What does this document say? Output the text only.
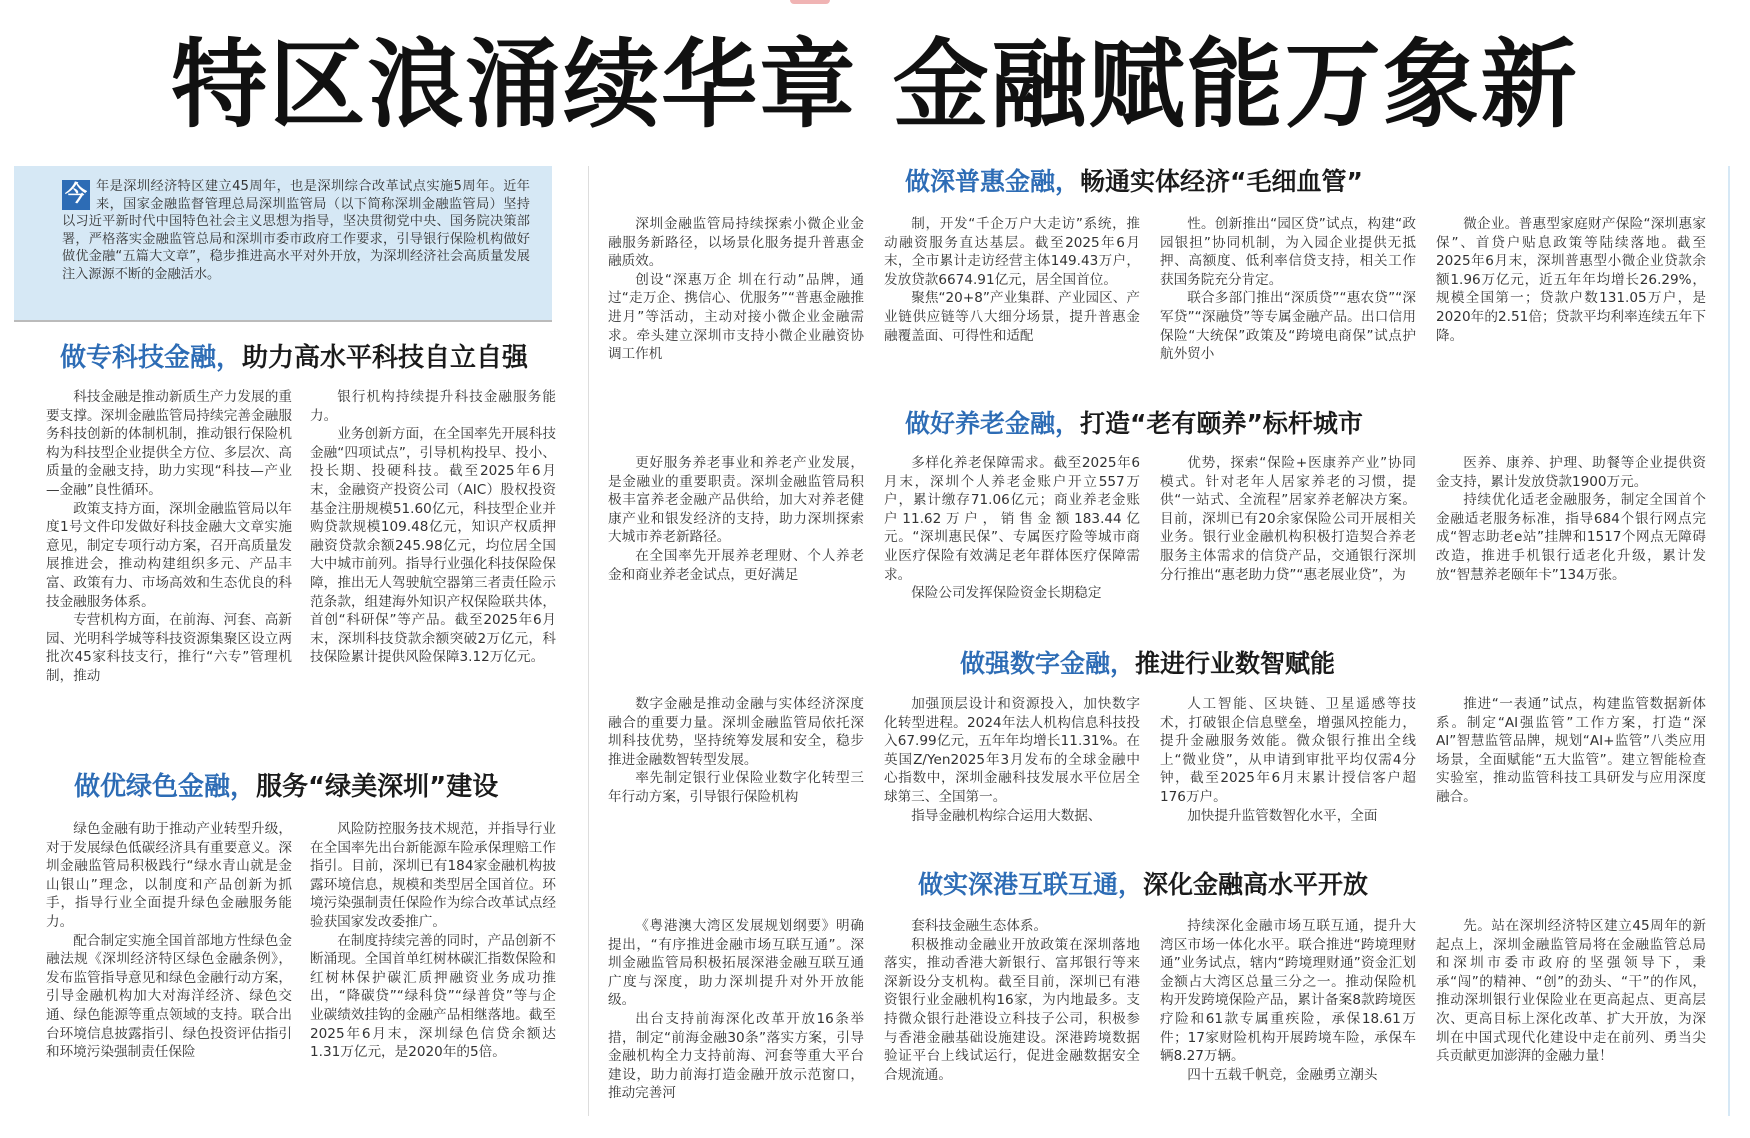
特区浪涌续华章 金融赋能万象新
今 年是深圳经济特区建立45周年，也是深圳综合改革试点实施5周年。近年来，国家金融监督管理总局深圳监管局（以下简称深圳金融监管局）坚持以习近平新时代中国特色社会主义思想为指导，坚决贯彻党中央、国务院决策部署，严格落实金融监管总局和深圳市委市政府工作要求，引导银行保险机构做好做优金融“五篇大文章”，稳步推进高水平对外开放，为深圳经济社会高质量发展注入源源不断的金融活水。
做专科技金融，助力高水平科技自立自强
做优绿色金融，服务“绿美深圳”建设
做深普惠金融，畅通实体经济“毛细血管”
做好养老金融，打造“老有颐养”标杆城市
做强数字金融，推进行业数智赋能
做实深港互联互通，深化金融高水平开放

科技金融是推动新质生产力发展的重要支撑。深圳金融监管局持续完善金融服务科技创新的体制机制，推动银行保险机构为科技型企业提供全方位、多层次、高质量的金融支持，助力实现“科技—产业—金融”良性循环。

政策支持方面，深圳金融监管局以年度1号文件印发做好科技金融大文章实施意见，制定专项行动方案，召开高质量发展推进会，推动构建组织多元、产品丰富、政策有力、市场高效和生态优良的科技金融服务体系。

专营机构方面，在前海、河套、高新园、光明科学城等科技资源集聚区设立两批次45家科技支行，推行“六专”管理机制，推动

银行机构持续提升科技金融服务能力。

业务创新方面，在全国率先开展科技金融“四项试点”，引导机构投早、投小、投长期、投硬科技。截至2025年6月末，金融资产投资公司（AIC）股权投资基金注册规模51.60亿元，科技型企业并购贷款规模109.48亿元，知识产权质押融资贷款余额245.98亿元，均位居全国大中城市前列。指导行业强化科技保险保障，推出无人驾驶航空器第三者责任险示范条款，组建海外知识产权保险联共体，首创“科研保”等产品。截至2025年6月末，深圳科技贷款余额突破2万亿元，科技保险累计提供风险保障3.12万亿元。

绿色金融有助于推动产业转型升级，对于发展绿色低碳经济具有重要意义。深圳金融监管局积极践行“绿水青山就是金山银山”理念，以制度和产品创新为抓手，指导行业全面提升绿色金融服务能力。

配合制定实施全国首部地方性绿色金融法规《深圳经济特区绿色金融条例》，发布监管指导意见和绿色金融行动方案，引导金融机构加大对海洋经济、绿色交通、绿色能源等重点领域的支持。联合出台环境信息披露指引、绿色投资评估指引和环境污染强制责任保险

风险防控服务技术规范，并指导行业在全国率先出台新能源车险承保理赔工作指引。目前，深圳已有184家金融机构披露环境信息，规模和类型居全国首位。环境污染强制责任保险作为综合改革试点经验获国家发改委推广。

在制度持续完善的同时，产品创新不断涌现。全国首单红树林碳汇指数保险和红树林保护碳汇质押融资业务成功推出，“降碳贷”“绿科贷”“绿普贷”等与企业碳绩效挂钩的金融产品相继落地。截至2025年6月末，深圳绿色信贷余额达1.31万亿元，是2020年的5倍。

深圳金融监管局持续探索小微企业金融服务新路径，以场景化服务提升普惠金融质效。

创设“深惠万企 圳在行动”品牌，通过“走万企、携信心、优服务”“普惠金融推进月”等活动，主动对接小微企业金融需求。牵头建立深圳市支持小微企业融资协调工作机

制，开发“千企万户大走访”系统，推动融资服务直达基层。截至2025年6月末，全市累计走访经营主体149.43万户，发放贷款6674.91亿元，居全国首位。

聚焦“20+8”产业集群、产业园区、产业链供应链等八大细分场景，提升普惠金融覆盖面、可得性和适配

性。创新推出“园区贷”试点，构建“政园银担”协同机制，为入园企业提供无抵押、高额度、低利率信贷支持，相关工作获国务院充分肯定。

联合多部门推出“深质贷”“惠农贷”“深军贷”“深融贷”等专属金融产品。出口信用保险“大统保”政策及“跨境电商保”试点护航外贸小

微企业。普惠型家庭财产保险“深圳惠家保”、首贷户贴息政策等陆续落地。截至2025年6月末，深圳普惠型小微企业贷款余额1.96万亿元，近五年年均增长26.29%，规模全国第一；贷款户数131.05万户，是2020年的2.51倍；贷款平均利率连续五年下降。

更好服务养老事业和养老产业发展，是金融业的重要职责。深圳金融监管局积极丰富养老金融产品供给，加大对养老健康产业和银发经济的支持，助力深圳探索大城市养老新路径。

在全国率先开展养老理财、个人养老金和商业养老金试点，更好满足

多样化养老保障需求。截至2025年6月末，深圳个人养老金账户开立557万户，累计缴存71.06亿元；商业养老金账户11.62万户，销售金额183.44亿元。“深圳惠民保”、专属医疗险等城市商业医疗保险有效满足老年群体医疗保障需求。

保险公司发挥保险资金长期稳定

优势，探索“保险+医康养产业”协同模式。针对老年人居家养老的习惯，提供“一站式、全流程”居家养老解决方案。目前，深圳已有20余家保险公司开展相关业务。银行业金融机构积极打造契合养老服务主体需求的信贷产品，交通银行深圳分行推出“惠老助力贷”“惠老展业贷”，为

医养、康养、护理、助餐等企业提供资金支持，累计发放贷款1900万元。

持续优化适老金融服务，制定全国首个金融适老服务标准，指导684个银行网点完成“智志助老e站”挂牌和1517个网点无障碍改造，推进手机银行适老化升级，累计发放“智慧养老颐年卡”134万张。

数字金融是推动金融与实体经济深度融合的重要力量。深圳金融监管局依托深圳科技优势，坚持统筹发展和安全，稳步推进金融数智转型发展。

率先制定银行业保险业数字化转型三年行动方案，引导银行保险机构

加强顶层设计和资源投入，加快数字化转型进程。2024年法人机构信息科技投入67.99亿元，五年年均增长11.31%。在英国Z/Yen2025年3月发布的全球金融中心指数中，深圳金融科技发展水平位居全球第三、全国第一。

指导金融机构综合运用大数据、

人工智能、区块链、卫星遥感等技术，打破银企信息壁垒，增强风控能力，提升金融服务效能。微众银行推出全线上“微业贷”，从申请到审批平均仅需4分钟，截至2025年6月末累计授信客户超176万户。

加快提升监管数智化水平，全面

推进“一表通”试点，构建监管数据新体系。制定“AI强监管”工作方案，打造“深AI”智慧监管品牌，规划“AI+监管”八类应用场景，全面赋能“五大监管”。建立智能检查实验室，推动监管科技工具研发与应用深度融合。

《粤港澳大湾区发展规划纲要》明确提出，“有序推进金融市场互联互通”。深圳金融监管局积极拓展深港金融互联互通广度与深度，助力深圳提升对外开放能级。

出台支持前海深化改革开放16条举措，制定“前海金融30条”落实方案，引导金融机构全力支持前海、河套等重大平台建设，助力前海打造金融开放示范窗口，推动完善河

套科技金融生态体系。

积极推动金融业开放政策在深圳落地落实，推动香港大新银行、富邦银行等来深新设分支机构。截至目前，深圳已有港资银行业金融机构16家，为内地最多。支持微众银行赴港设立科技子公司，积极参与香港金融基础设施建设。深港跨境数据验证平台上线试运行，促进金融数据安全合规流通。

持续深化金融市场互联互通，提升大湾区市场一体化水平。联合推进“跨境理财通”业务试点，辖内“跨境理财通”资金汇划金额占大湾区总量三分之一。推动保险机构开发跨境保险产品，累计备案8款跨境医疗险和61款专属重疾险，承保18.61万件；17家财险机构开展跨境车险，承保车辆8.27万辆。

四十五载千帆竞，金融勇立潮头

先。站在深圳经济特区建立45周年的新起点上，深圳金融监管局将在金融监管总局和深圳市委市政府的坚强领导下，秉承“闯”的精神、“创”的劲头、“干”的作风，推动深圳银行业保险业在更高起点、更高层次、更高目标上深化改革、扩大开放，为深圳在中国式现代化建设中走在前列、勇当尖兵贡献更加澎湃的金融力量！
